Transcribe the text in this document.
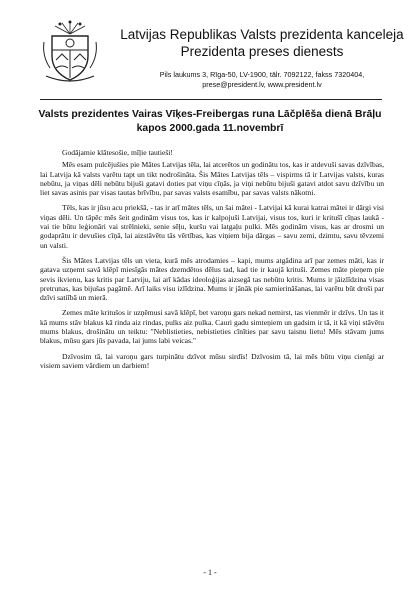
Latvijas Republikas Valsts prezidenta kanceleja
Prezidenta preses dienests
Pils laukums 3, Rīga-50, LV-1900, tālr. 7092122, fakss 7320404,
prese@president.lv, www.president.lv
Valsts prezidentes Vairas Vīķes-Freibergas runa Lāčplēša dienā Brāļu
kapos 2000.gada 11.novembrī

Godājamie klātesošie, mīļie tautieši!

Mēs esam pulcējušies pie Mātes Latvijas tēla, lai atcerētos un godinātu tos, kas ir atdevuši savas dzīvības, lai Latvija kā valsts varētu tapt un tikt nodrošināta. Šis Mātes Latvijas tēls – vispirms tā ir Latvijas valsts, kuras nebūtu, ja viņas dēli nebūtu bijuši gatavi doties pat viņu cīņās, ja viņi nebūtu bijuši gatavi atdot savu dzīvību un liet savas asinis par visas tautas brīvību, par savas valsts esamību, par savas valsts nākotni.

Tēls, kas ir jūsu acu priekšā, - tas ir arī mātes tēls, un šai mātei - Latvijai kā kurai katrai mātei ir dārgi visi viņas dēli. Un tāpēc mēs šeit godinām visus tos, kas ir kalpojuši Latvijai, visus tos, kuri ir kritušī cīņas laukā - vai tie būtu leģionāri vai strēlnieki, senie sēļu, kuršu vai latgaļu pulki. Mēs godinām visus, kas ar drosmi un godaprātu ir devušies cīņā, lai aizstāvētu tās vērtības, kas viņiem bija dārgas – savu zemi, dzimtu, savu tēvzemi un valsti.

Šis Mātes Latvijas tēls un vieta, kurā mēs atrodamies – kapi, mums atgādina arī par zemes māti, kas ir gatava uzņemt savā klēpī miesīgās mātes dzemdētos dēlus tad, kad tie ir kaujā krituši. Zemes māte pieņem pie sevis ikvienu, kas kritis par Latviju, lai arī kādas ideoloģijas aizsegā tas nebūtu kritis. Mums ir jāizlīdzina visas pretrunas, kas bijušas pagātnē. Arī laiks visu izlīdzina. Mums ir jānāk pie samierināšanas, lai varētu būt droši par dzīvi satiībā un mierā.

Zemes māte kritušos ir uzņēmusi savā klēpī, bet varoņu gars nekad nemirst, tas vienmēr ir dzīvs. Un tas it kā mums stāv blakus kā rinda aiz rindas, pulks aiz pulka. Cauri gadu simteņiem un gadsim ir tā, it kā viņi stāvētu mums blakus, drošinātu un teiktu: "Neblistieties, nebistieties cīnīties par savu taisnu lietu! Mēs stāvam jums blakus, mūsu gars jūs pavada, lai jums labi veicas."

Dzīvosim tā, lai varoņu gars turpinātu dzīvot mūsu sirdīs! Dzīvosim tā, lai mēs būtu viņu cienīgi ar visiem saviem vārdiem un darbiem!

- 1 -
